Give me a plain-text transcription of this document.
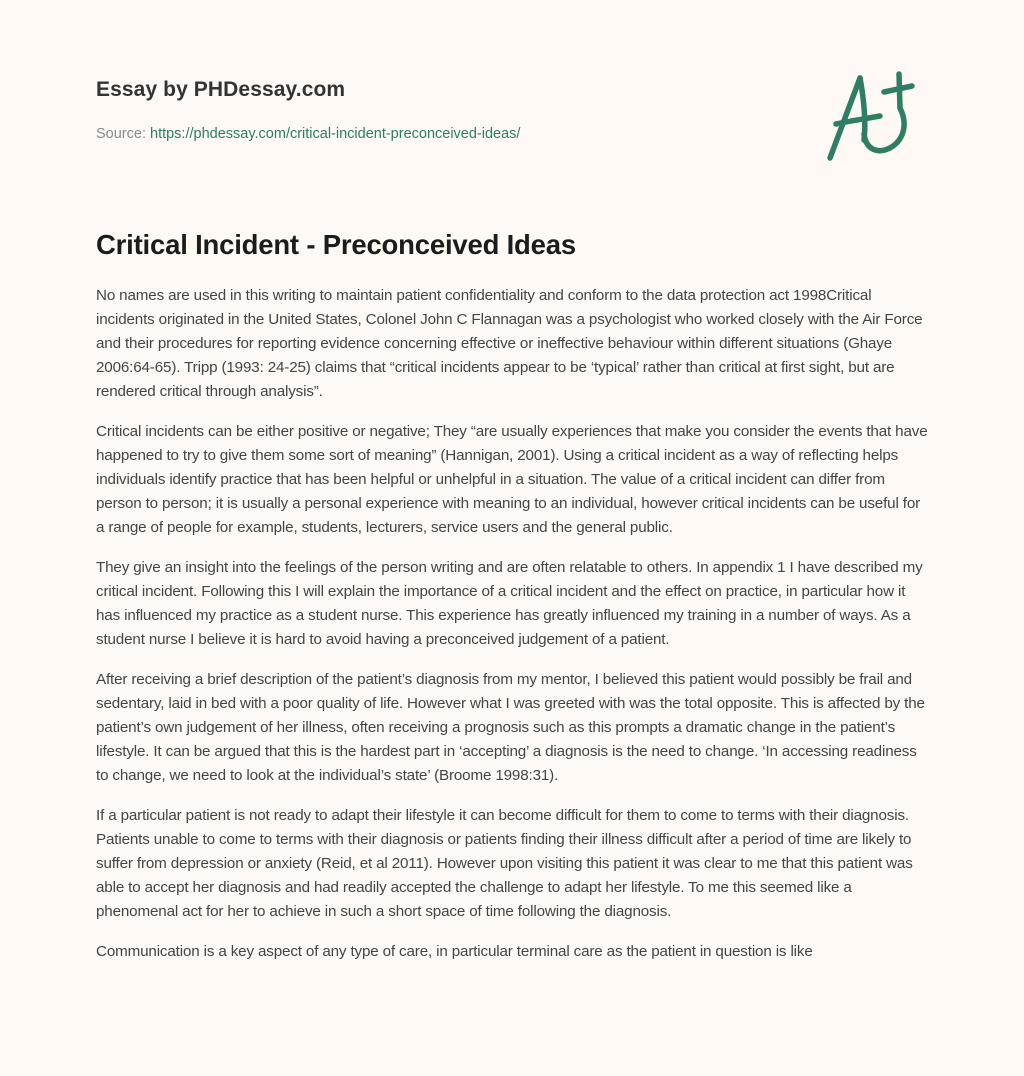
Essay by PHDessay.com
Source: https://phdessay.com/critical-incident-preconceived-ideas/
Critical Incident - Preconceived Ideas

No names are used in this writing to maintain patient confidentiality and conform to the data protection act 1998Critical incidents originated in the United States, Colonel John C Flannagan was a psychologist who worked closely with the Air Force and their procedures for reporting evidence concerning effective or ineffective behaviour within different situations (Ghaye 2006:64-65). Tripp (1993: 24-25) claims that “critical incidents appear to be ‘typical’ rather than critical at first sight, but are rendered critical through analysis”.

Critical incidents can be either positive or negative; They “are usually experiences that make you consider the events that have happened to try to give them some sort of meaning” (Hannigan, 2001). Using a critical incident as a way of reflecting helps individuals identify practice that has been helpful or unhelpful in a situation. The value of a critical incident can differ from person to person; it is usually a personal experience with meaning to an individual, however critical incidents can be useful for a range of people for example, students, lecturers, service users and the general public.

They give an insight into the feelings of the person writing and are often relatable to others. In appendix 1 I have described my critical incident. Following this I will explain the importance of a critical incident and the effect on practice, in particular how it has influenced my practice as a student nurse. This experience has greatly influenced my training in a number of ways. As a student nurse I believe it is hard to avoid having a preconceived judgement of a patient.

After receiving a brief description of the patient’s diagnosis from my mentor, I believed this patient would possibly be frail and sedentary, laid in bed with a poor quality of life. However what I was greeted with was the total opposite. This is affected by the patient’s own judgement of her illness, often receiving a prognosis such as this prompts a dramatic change in the patient’s lifestyle. It can be argued that this is the hardest part in ‘accepting’ a diagnosis is the need to change. ‘In accessing readiness to change, we need to look at the individual’s state’ (Broome 1998:31).

If a particular patient is not ready to adapt their lifestyle it can become difficult for them to come to terms with their diagnosis. Patients unable to come to terms with their diagnosis or patients finding their illness difficult after a period of time are likely to suffer from depression or anxiety (Reid, et al 2011). However upon visiting this patient it was clear to me that this patient was able to accept her diagnosis and had readily accepted the challenge to adapt her lifestyle. To me this seemed like a phenomenal act for her to achieve in such a short space of time following the diagnosis.

Communication is a key aspect of any type of care, in particular terminal care as the patient in question is like
